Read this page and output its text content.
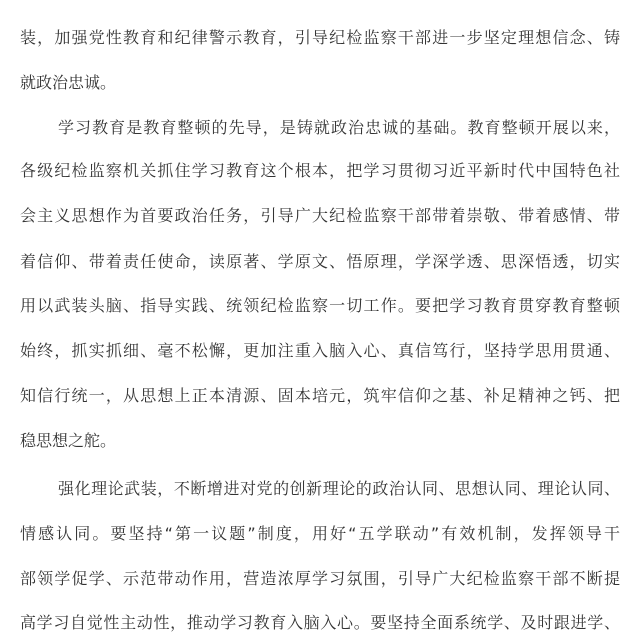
装，加强党性教育和纪律警示教育，引导纪检监察干部进一步坚定理想信念、铸
就政治忠诚。
学习教育是教育整顿的先导，是铸就政治忠诚的基础。教育整顿开展以来，
各级纪检监察机关抓住学习教育这个根本，把学习贯彻习近平新时代中国特色社
会主义思想作为首要政治任务，引导广大纪检监察干部带着崇敬、带着感情、带
着信仰、带着责任使命，读原著、学原文、悟原理，学深学透、思深悟透，切实
用以武装头脑、指导实践、统领纪检监察一切工作。要把学习教育贯穿教育整顿
始终，抓实抓细、毫不松懈，更加注重入脑入心、真信笃行，坚持学思用贯通、
知信行统一，从思想上正本清源、固本培元，筑牢信仰之基、补足精神之钙、把
稳思想之舵。
强化理论武装，不断增进对党的创新理论的政治认同、思想认同、理论认同、
情感认同。要坚持“第一议题”制度，用好“五学联动”有效机制，发挥领导干
部领学促学、示范带动作用，营造浓厚学习氛围，引导广大纪检监察干部不断提
高学习自觉性主动性，推动学习教育入脑入心。要坚持全面系统学、及时跟进学、
